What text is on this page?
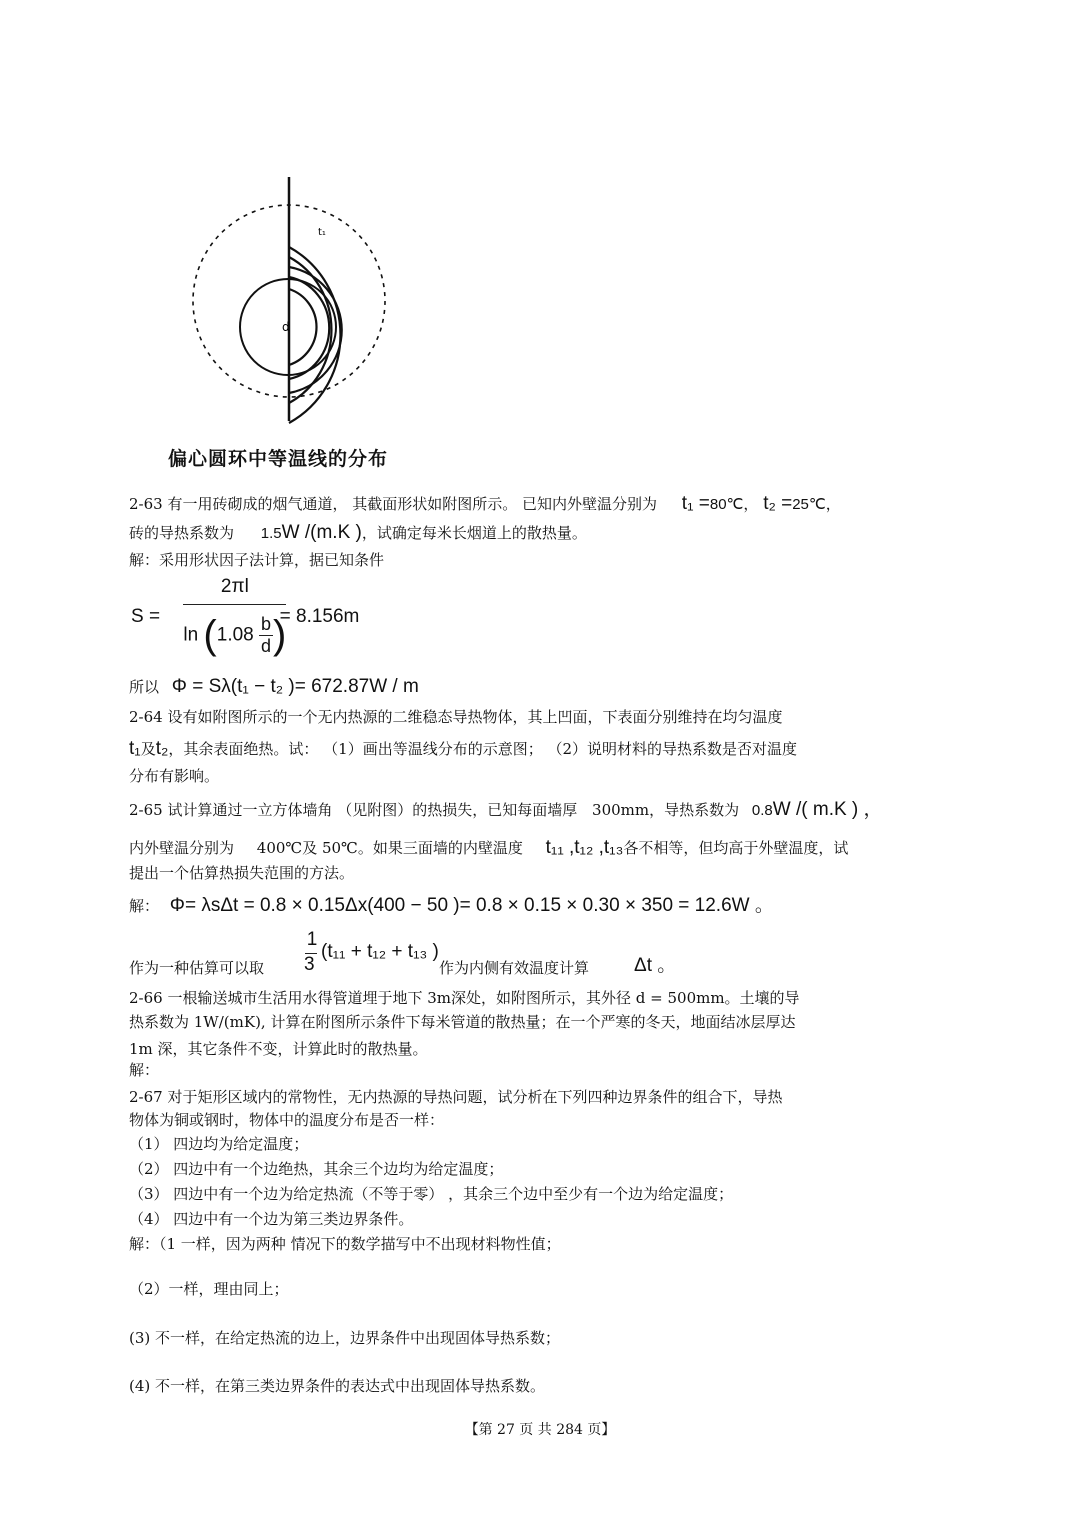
t₁
d
偏心圆环中等温线的分布
2-63 有一用砖砌成的烟气通道， 其截面形状如附图所示。 已知内外壁温分别为 t₁ =80℃， t₂ =25℃，
砖的导热系数为 1.5W /(m.K )，试确定每米长烟道上的散热量。
解：采用形状因子法计算，据已知条件
$S = \frac{2\pi l}{\ln (1.08 \frac{b}{d} )}$
= 8.156m
所以 Φ = Sλ(t₁ − t₂ )= 672.87W / m
2-64 设有如附图所示的一个无内热源的二维稳态导热物体，其上凹面，下表面分别维持在均匀温度
t₁及t₂，其余表面绝热。试： （1）画出等温线分布的示意图； （2）说明材料的导热系数是否对温度
分布有影响。
2-65 试计算通过一立方体墙角 （见附图）的热损失，已知每面墙厚 300mm，导热系数为 0.8W /( m.K ) ，
内外壁温分别为 400℃及 50℃。如果三面墙的内壁温度 t₁₁ ,t₁₂ ,t₁₃各不相等，但均高于外壁温度，试
提出一个估算热损失范围的方法。
解： Φ= λsΔt = 0.8 × 0.15Δx(400 − 50 )= 0.8 × 0.15 × 0.30 × 350 = 12.6W 。
作为一种估算可以取
1
3
(t₁₁ + t₁₂ + t₁₃ )
作为内侧有效温度计算 Δt 。
2-66 一根输送城市生活用水得管道埋于地下 3m深处，如附图所示，其外径 d = 500mm。土壤的导
热系数为 1W/(mK), 计算在附图所示条件下每米管道的散热量；在一个严寒的冬天，地面结冰层厚达
1m 深，其它条件不变，计算此时的散热量。
解：
2-67 对于矩形区域内的常物性，无内热源的导热问题，试分析在下列四种边界条件的组合下，导热
物体为铜或钢时，物体中的温度分布是否一样：
（1） 四边均为给定温度；
（2） 四边中有一个边绝热，其余三个边均为给定温度；
（3） 四边中有一个边为给定热流（不等于零） ，其余三个边中至少有一个边为给定温度；
（4） 四边中有一个边为第三类边界条件。
解：（1 一样，因为两种 情况下的数学描写中不出现材料物性值；
（2）一样，理由同上；
(3) 不一样，在给定热流的边上，边界条件中出现固体导热系数；
(4) 不一样，在第三类边界条件的表达式中出现固体导热系数。
【第 27 页 共 284 页】
